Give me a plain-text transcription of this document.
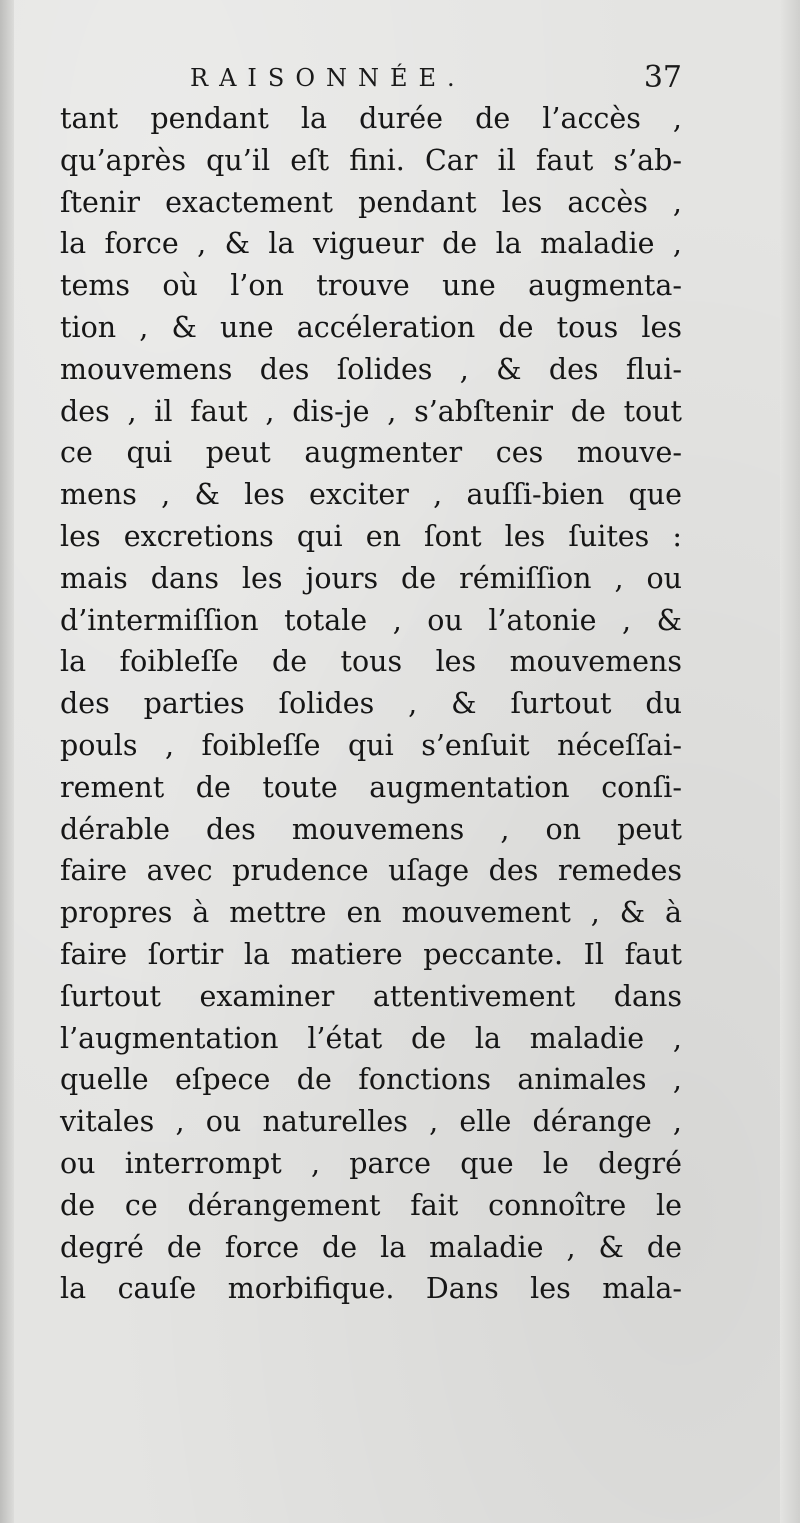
RAISONNÉE.	37
tant pendant la durée de l’accès ,
qu’après qu’il eſt fini. Car il faut s’ab-
ſtenir exactement pendant les accès ,
la force , & la vigueur de la maladie ,
tems où l’on trouve une augmenta-
tion , & une accéleration de tous les
mouvemens des ſolides , & des flui-
des , il faut , dis-je , s’abſtenir de tout
ce qui peut augmenter ces mouve-
mens , & les exciter , auſſi-bien que
les excretions qui en ſont les ſuites :
mais dans les jours de rémiſſion , ou
d’intermiſſion totale , ou l’atonie , &
la foibleſſe de tous les mouvemens
des parties ſolides , & ſurtout du
pouls , foibleſſe qui s’enſuit néceſſai-
rement de toute augmentation conſi-
dérable des mouvemens , on peut
faire avec prudence uſage des remedes
propres à mettre en mouvement , & à
faire ſortir la matiere peccante. Il faut
ſurtout examiner attentivement dans
l’augmentation l’état de la maladie ,
quelle eſpece de fonctions animales ,
vitales , ou naturelles , elle dérange ,
ou interrompt , parce que le degré
de ce dérangement fait connoître le
degré de force de la maladie , & de
la cauſe morbifique. Dans les mala-
